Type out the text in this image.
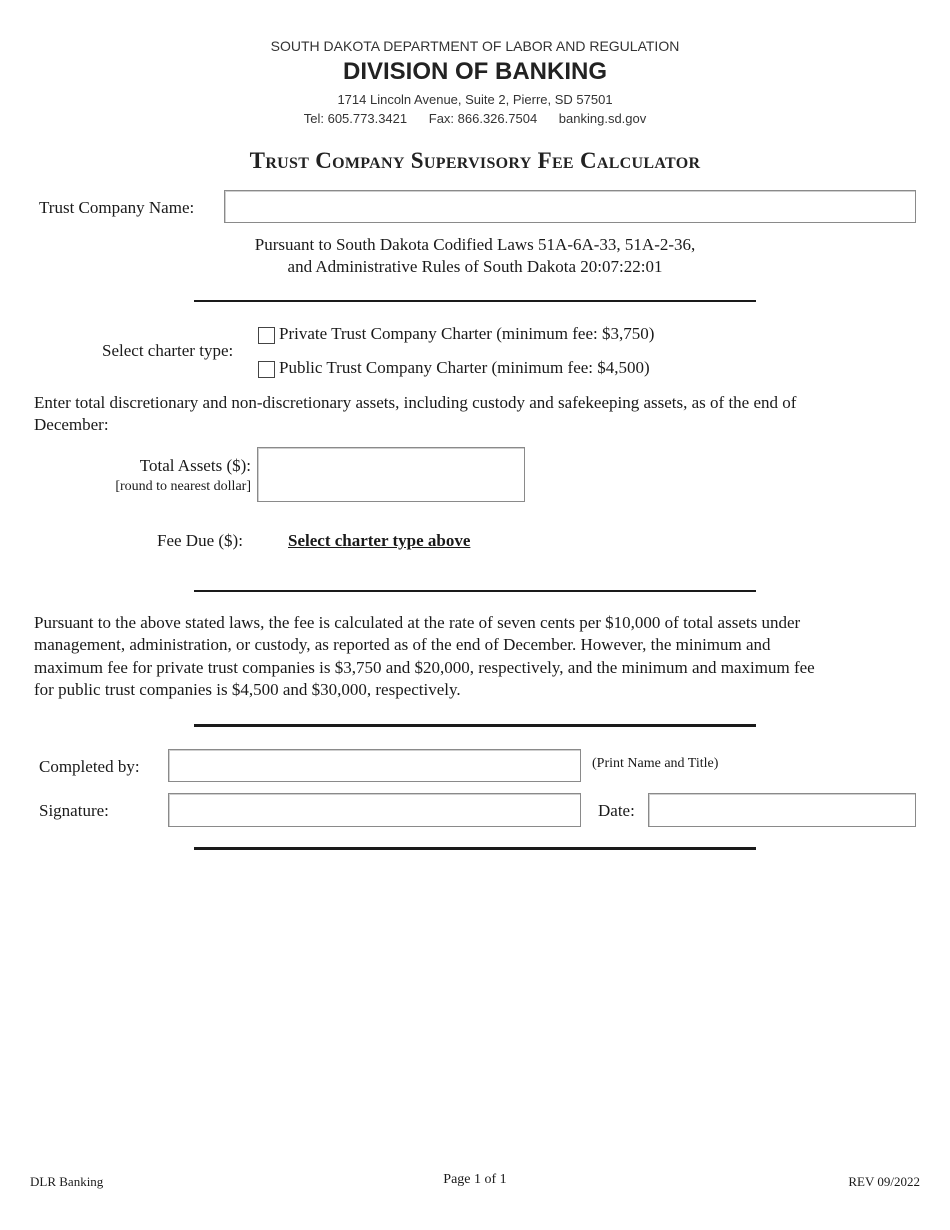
SOUTH DAKOTA DEPARTMENT OF LABOR AND REGULATION
DIVISION OF BANKING
1714 Lincoln Avenue, Suite 2, Pierre, SD 57501
Tel: 605.773.3421 Fax: 866.326.7504 banking.sd.gov
Trust Company Supervisory Fee Calculator
Trust Company Name:
Pursuant to South Dakota Codified Laws 51A-6A-33, 51A-2-36,
and Administrative Rules of South Dakota 20:07:22:01
Select charter type:
Private Trust Company Charter (minimum fee: $3,750)
Public Trust Company Charter (minimum fee: $4,500)
Enter total discretionary and non-discretionary assets, including custody and safekeeping assets, as of the end of
December:
Total Assets ($):
[round to nearest dollar]
Fee Due ($):	Select charter type above
Pursuant to the above stated laws, the fee is calculated at the rate of seven cents per $10,000 of total assets under
management, administration, or custody, as reported as of the end of December. However, the minimum and
maximum fee for private trust companies is $3,750 and $20,000, respectively, and the minimum and maximum fee
for public trust companies is $4,500 and $30,000, respectively.
Completed by:	(Print Name and Title)
Signature:	Date:
DLR Banking	Page 1 of 1	REV 09/2022
